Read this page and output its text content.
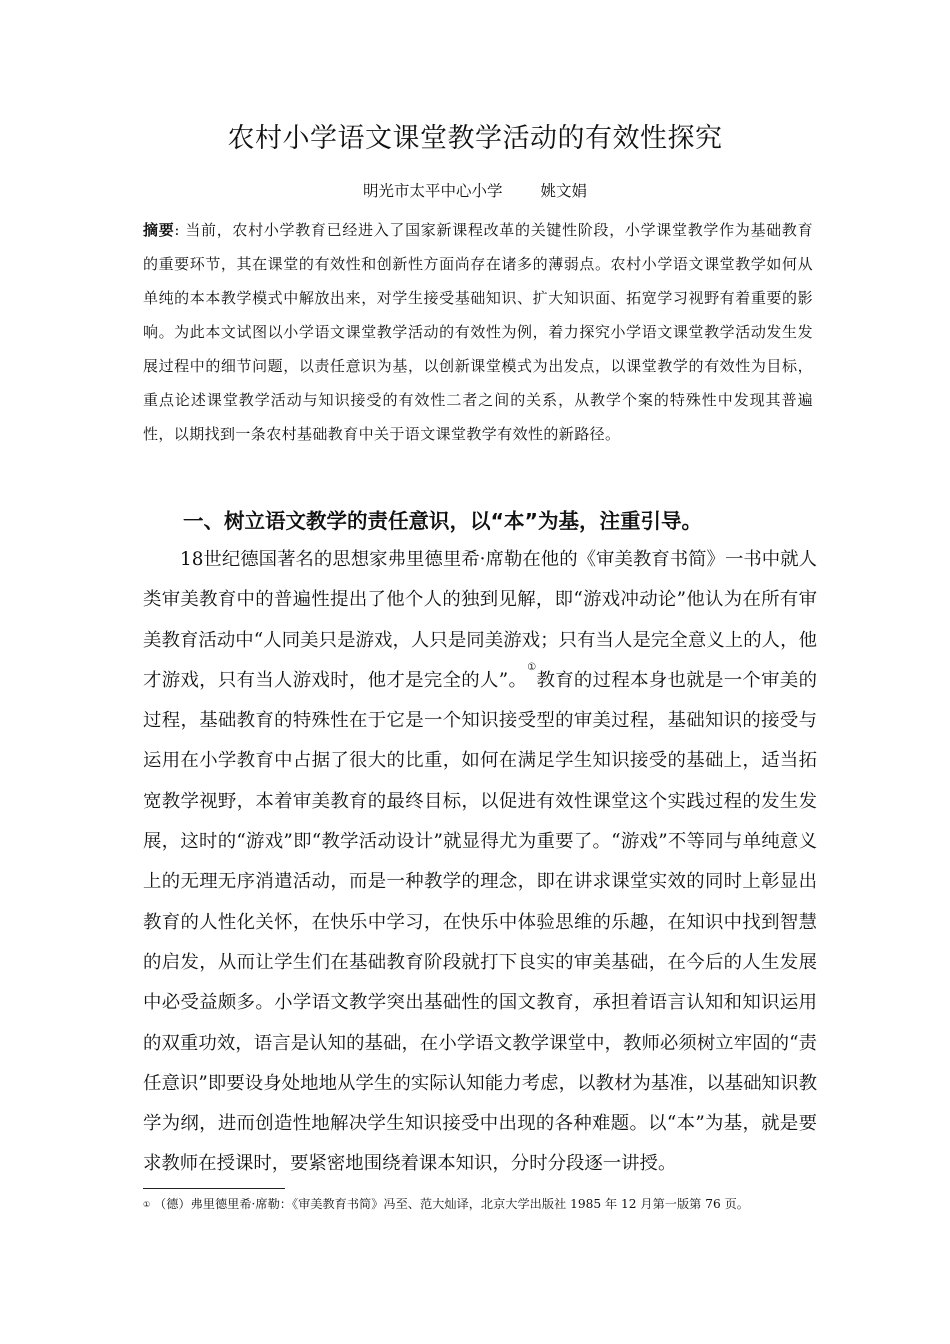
农村小学语文课堂教学活动的有效性探究
明光市太平中心小学 姚文娟
摘要: 当前，农村小学教育已经进入了国家新课程改革的关键性阶段，小学课堂教学作为基础教育的重要环节，其在课堂的有效性和创新性方面尚存在诸多的薄弱点。农村小学语文课堂教学如何从单纯的本本教学模式中解放出来，对学生接受基础知识、扩大知识面、拓宽学习视野有着重要的影响。为此本文试图以小学语文课堂教学活动的有效性为例，着力探究小学语文课堂教学活动发生发展过程中的细节问题，以责任意识为基，以创新课堂模式为出发点，以课堂教学的有效性为目标，重点论述课堂教学活动与知识接受的有效性二者之间的关系，从教学个案的特殊性中发现其普遍性，以期找到一条农村基础教育中关于语文课堂教学有效性的新路径。
一、树立语文教学的责任意识，以“本”为基，注重引导。
18世纪德国著名的思想家弗里德里希·席勒在他的《审美教育书简》一书中就人类审美教育中的普遍性提出了他个人的独到见解，即“游戏冲动论”他认为在所有审美教育活动中“人同美只是游戏，人只是同美游戏；只有当人是完全意义上的人，他才游戏，只有当人游戏时，他才是完全的人”。①教育的过程本身也就是一个审美的过程，基础教育的特殊性在于它是一个知识接受型的审美过程，基础知识的接受与运用在小学教育中占据了很大的比重，如何在满足学生知识接受的基础上，适当拓宽教学视野，本着审美教育的最终目标，以促进有效性课堂这个实践过程的发生发展，这时的“游戏”即“教学活动设计”就显得尤为重要了。“游戏”不等同与单纯意义上的无理无序消遣活动，而是一种教学的理念，即在讲求课堂实效的同时上彰显出教育的人性化关怀，在快乐中学习，在快乐中体验思维的乐趣，在知识中找到智慧的启发，从而让学生们在基础教育阶段就打下良实的审美基础，在今后的人生发展中必受益颇多。小学语文教学突出基础性的国文教育，承担着语言认知和知识运用的双重功效，语言是认知的基础，在小学语文教学课堂中，教师必须树立牢固的“责任意识”即要设身处地地从学生的实际认知能力考虑，以教材为基准，以基础知识教学为纲，进而创造性地解决学生知识接受中出现的各种难题。以“本”为基，就是要求教师在授课时，要紧密地围绕着课本知识，分时分段逐一讲授。
① （德）弗里德里希·席勒：《审美教育书简》冯至、范大灿译，北京大学出版社 1985 年 12 月第一版第 76 页。
